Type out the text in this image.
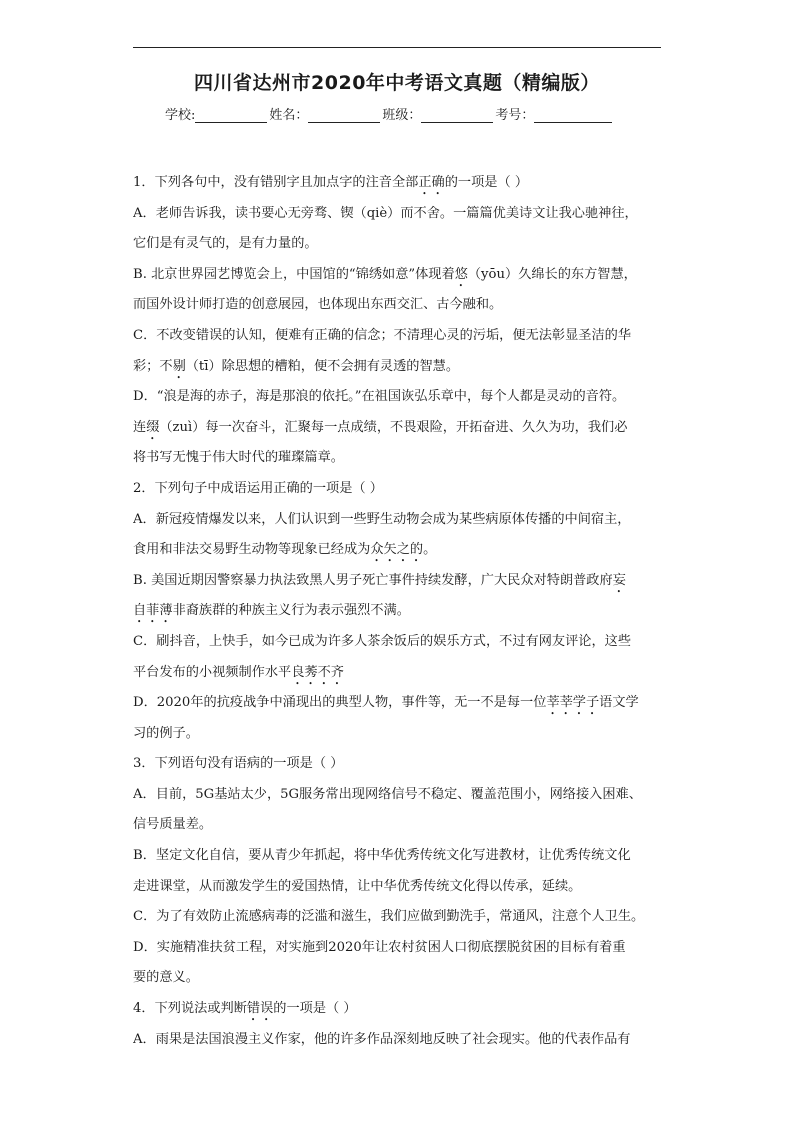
四川省达州市2020年中考语文真题（精编版）
学校:	姓名：	班级：	考号：
1．下列各句中，没有错别字且加点字的注音全部正确的一项是（ ）
A．老师告诉我，读书要心无旁骛、锲（qiè）而不舍。一篇篇优美诗文让我心驰神往，
它们是有灵气的，是有力量的。
B. 北京世界园艺博览会上，中国馆的“锦绣如意”体现着悠（yōu）久绵长的东方智慧，
而国外设计师打造的创意展园，也体现出东西交汇、古今融和。
C．不改变错误的认知，便难有正确的信念；不清理心灵的污垢，便无法彰显圣洁的华
彩；不剔（tī）除思想的槽粕，便不会拥有灵透的智慧。
D．“浪是海的赤子，海是那浪的依托。”在祖国诙弘乐章中，每个人都是灵动的音符。
连缀（zuì）每一次奋斗，汇聚每一点成绩，不畏艰险，开拓奋进、久久为功，我们必
将书写无愧于伟大时代的璀璨篇章。
2．下列句子中成语运用正确的一项是（ ）
A．新冠疫情爆发以来，人们认识到一些野生动物会成为某些病原体传播的中间宿主，
食用和非法交易野生动物等现象已经成为众矢之的。
B. 美国近期因警察暴力执法致黑人男子死亡事件持续发酵，广大民众对特朗普政府妄
自菲薄非裔族群的种族主义行为表示强烈不满。
C．刷抖音，上快手，如今已成为许多人茶余饭后的娱乐方式，不过有网友评论，这些
平台发布的小视频制作水平良莠不齐
D．2020年的抗疫战争中涌现出的典型人物，事件等，无一不是每一位莘莘学子语文学
习的例子。
3．下列语句没有语病的一项是（ ）
A．目前，5G基站太少，5G服务常出现网络信号不稳定、覆盖范围小，网络接入困难、
信号质量差。
B．坚定文化自信，要从青少年抓起，将中华优秀传统文化写进教材，让优秀传统文化
走进课堂，从而激发学生的爱国热情，让中华优秀传统文化得以传承，延续。
C．为了有效防止流感病毒的泛滥和滋生，我们应做到勤洗手，常通风，注意个人卫生。
D．实施精准扶贫工程，对实施到2020年让农村贫困人口彻底摆脱贫困的目标有着重
要的意义。
4．下列说法或判断错误的一项是（ ）
A．雨果是法国浪漫主义作家，他的许多作品深刻地反映了社会现实。他的代表作品有
